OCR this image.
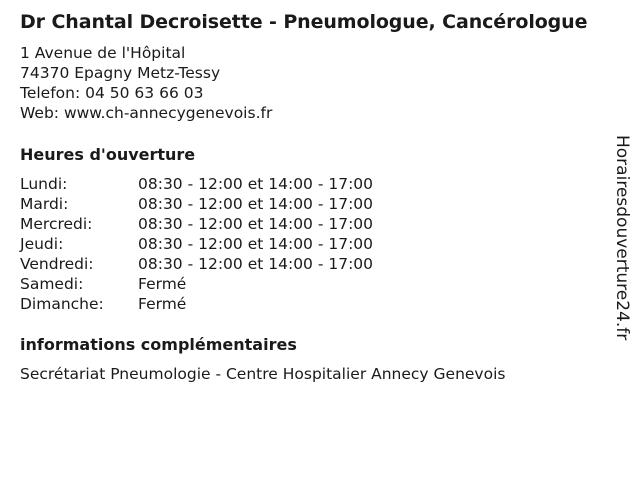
Dr Chantal Decroisette - Pneumologue, Cancérologue
1 Avenue de l'Hôpital
74370 Epagny Metz-Tessy
Telefon: 04 50 63 66 03
Web: www.ch-annecygenevois.fr
Heures d'ouverture
Lundi:	08:30 - 12:00 et 14:00 - 17:00
Mardi:	08:30 - 12:00 et 14:00 - 17:00
Mercredi:	08:30 - 12:00 et 14:00 - 17:00
Jeudi:	08:30 - 12:00 et 14:00 - 17:00
Vendredi:	08:30 - 12:00 et 14:00 - 17:00
Samedi:	Fermé
Dimanche:	Fermé
informations complémentaires
Secrétariat Pneumologie - Centre Hospitalier Annecy Genevois
Horairesdouverture24.fr
